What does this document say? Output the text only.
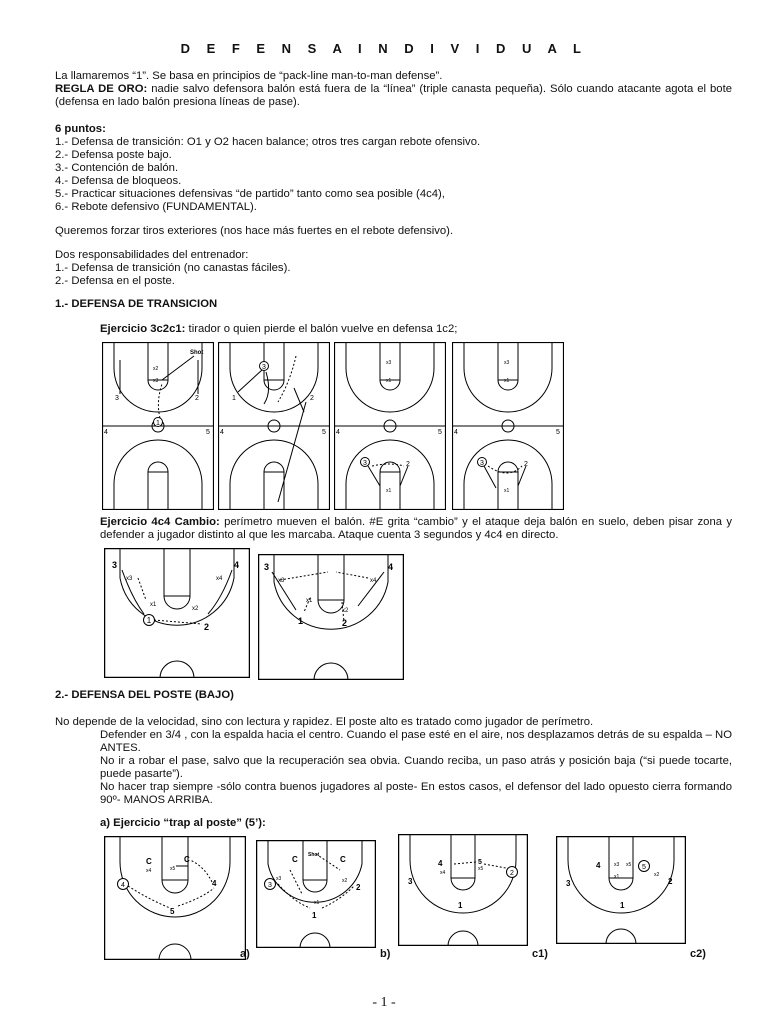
D E F E N S A I N D I V I D U A L
La llamaremos “1”. Se basa en principios de “pack-line man-to-man defense”.
REGLA DE ORO: nadie salvo defensora balón está fuera de la “línea” (triple canasta pequeña). Sólo cuando atacante agota el bote (defensa en lado balón presiona líneas de pase).
6 puntos:
1.- Defensa de transición: O1 y O2 hacen balance; otros tres cargan rebote ofensivo.
2.- Defensa poste bajo.
3.- Contención de balón.
4.- Defensa de bloqueos.
5.- Practicar situaciones defensivas “de partido” tanto como sea posible (4c4),
6.- Rebote defensivo (FUNDAMENTAL).
Queremos forzar tiros exteriores (nos hace más fuertes en el rebote defensivo).
Dos responsabilidades del entrenador:
1.- Defensa de transición (no canastas fáciles).
2.- Defensa en el poste.
1.- DEFENSA DE TRANSICION
Ejercicio 3c2c1: tirador o quien pierde el balón vuelve en defensa 1c2;
1
3	2
Shot
x2
x3
4	5
3
1	2
4	5
x3
x1
3	2
x1
4	5
x3
x1
3	2
x1
4	5
Ejercicio 4c4 Cambio: perímetro mueven el balón. #E grita “cambio” y el ataque deja balón en suelo, deben pisar zona y defender a jugador distinto al que les marcaba. Ataque cuenta 3 segundos y 4c4 en directo.
1
2
3	4
x3	x4
x1
x2
1	2
3	4
x3	x4
x1
x2
2.- DEFENSA DEL POSTE (BAJO)
No depende de la velocidad, sino con lectura y rapidez. El poste alto es tratado como jugador de perímetro.
Defender en 3/4 , con la espalda hacia el centro. Cuando el pase esté en el aire, nos desplazamos detrás de su espalda – NO ANTES.
No ir a robar el pase, salvo que la recuperación sea obvia. Cuando reciba, un paso atrás y posición baja (“si puede tocarte, puede pasarte”).
No hacer trap siempre -sólo contra buenos jugadores al poste- En estos casos, el defensor del lado opuesto cierra formando 90º- MANOS ARRIBA.
a) Ejercicio “trap al poste” (5’):
4
5
4
C	C
x4	x5
3
1
2
C	C
x3	x2
x1
Shot
2
4	5
3
1
x4
x5	5
4
3	2
1
x3 x5
x2
x1
a)	b)	c1)	c2)
- 1 -
